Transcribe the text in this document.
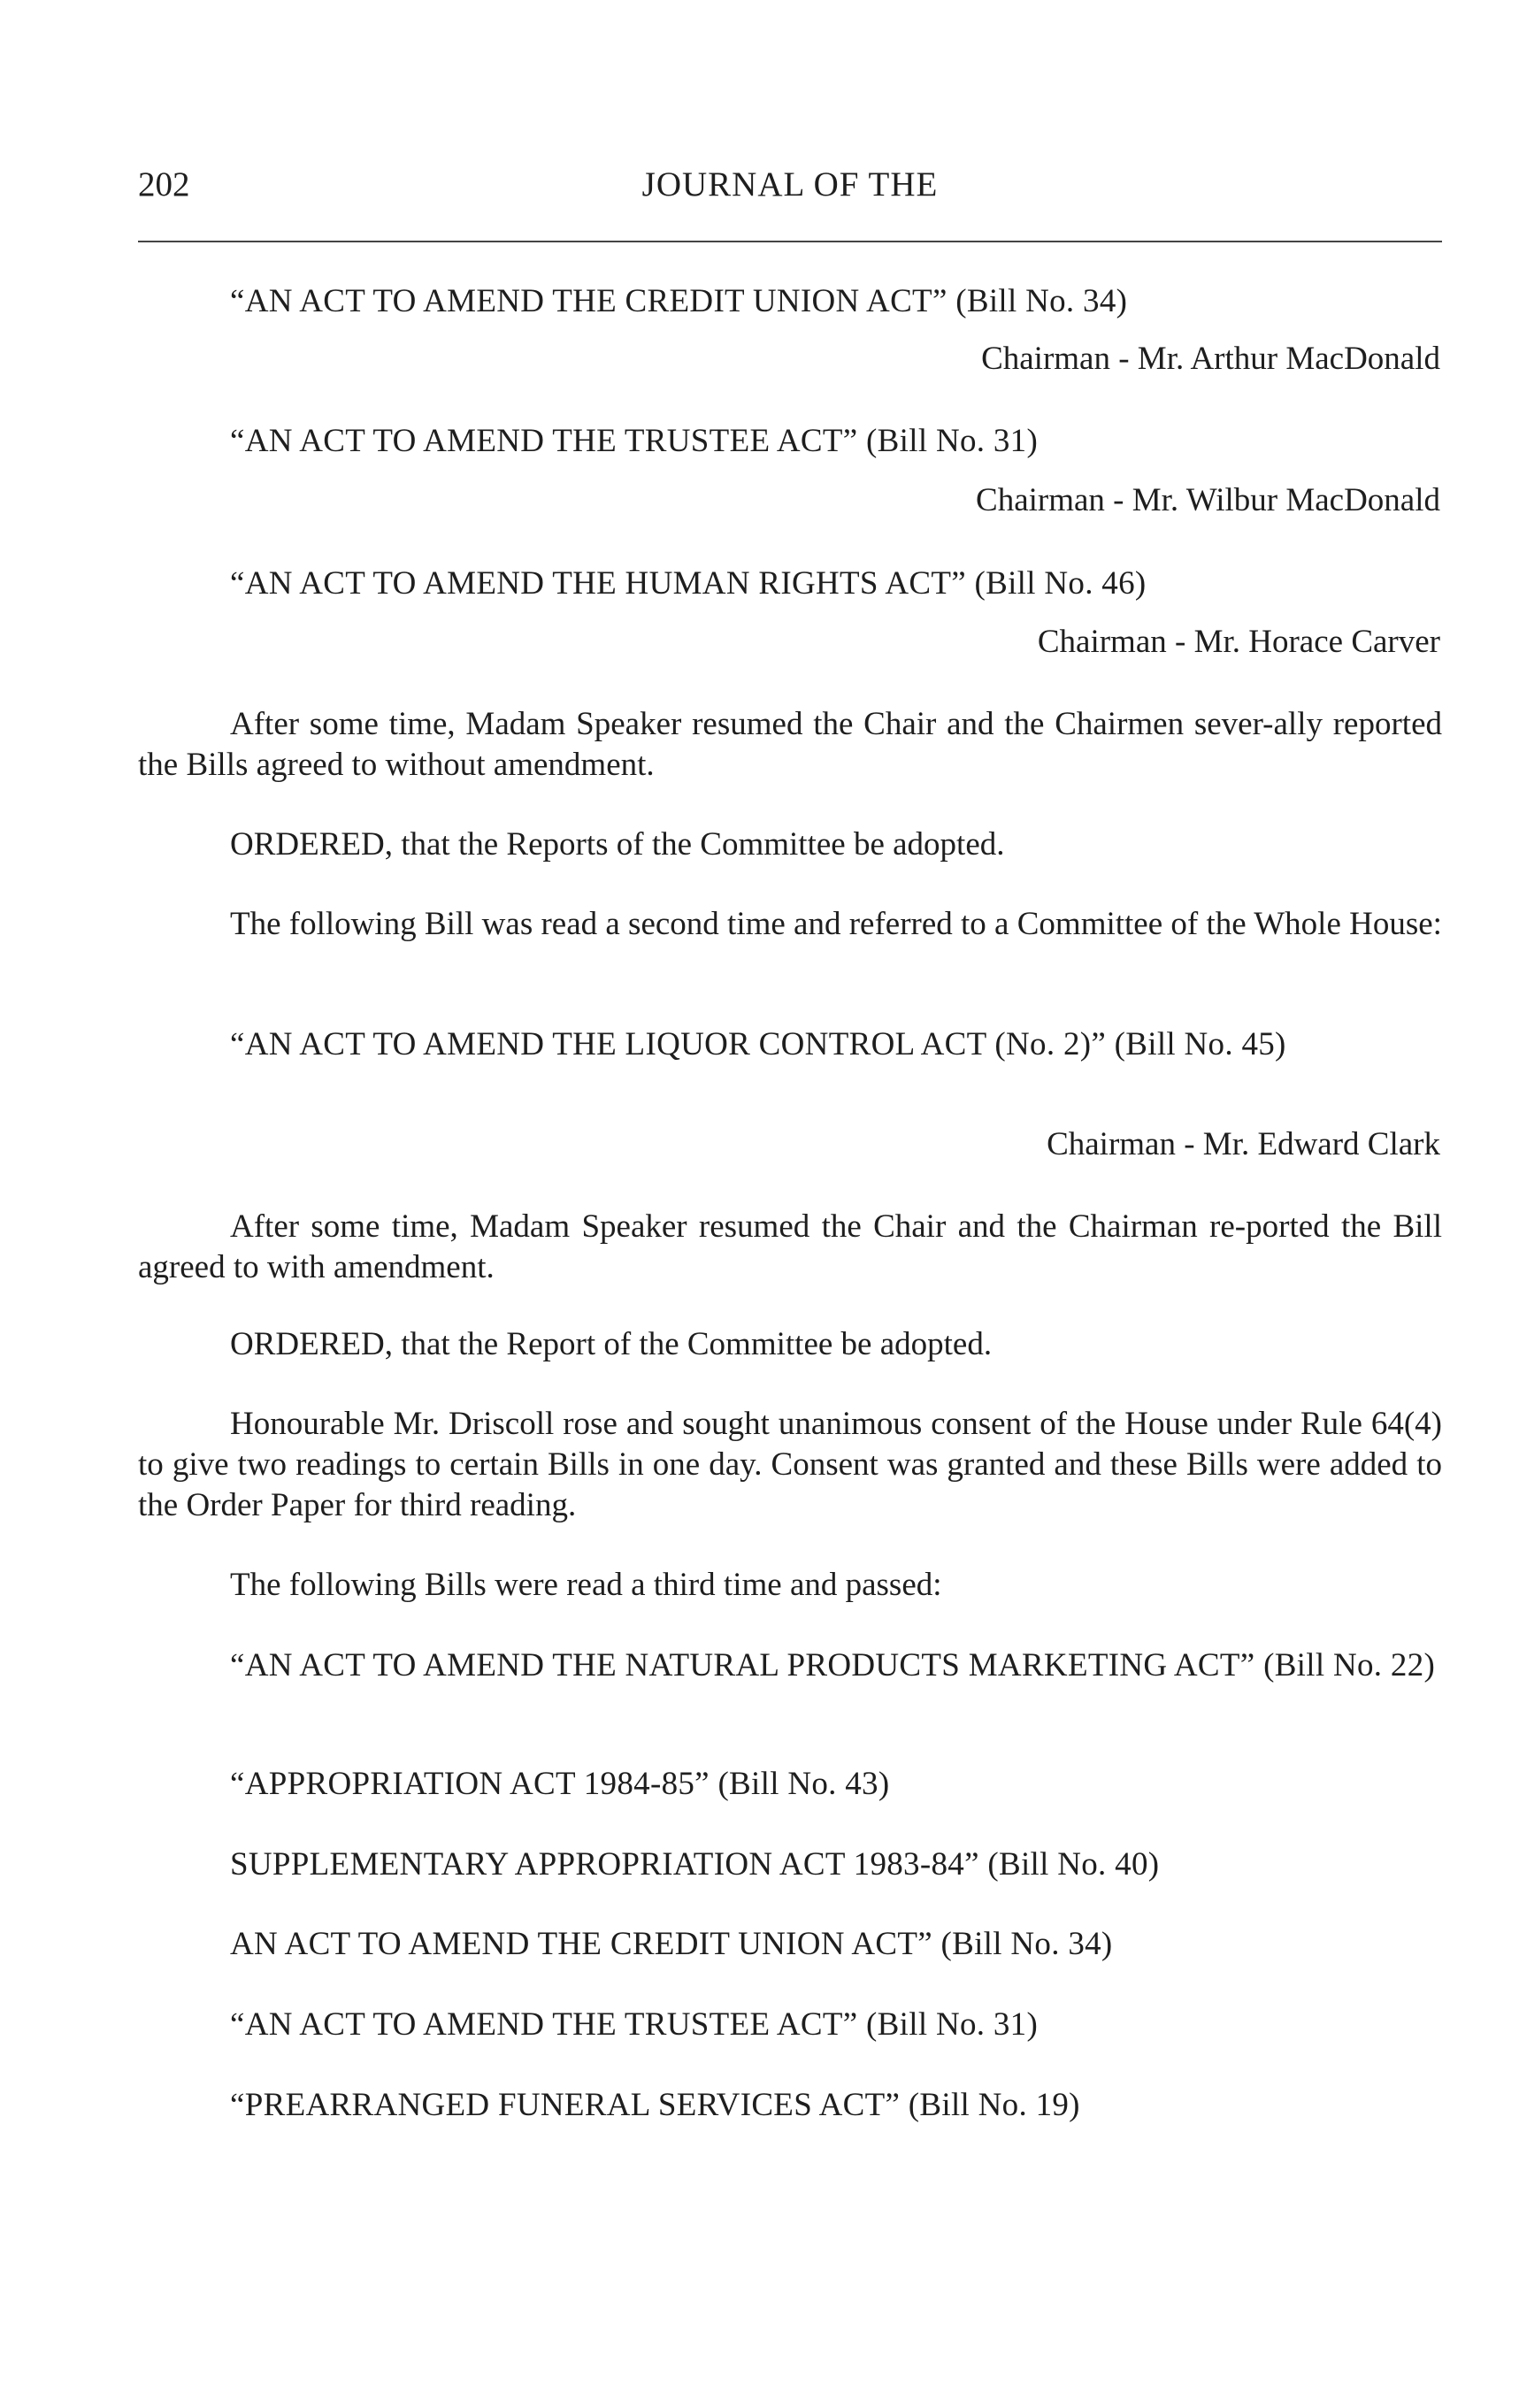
202	JOURNAL OF THE
“AN ACT TO AMEND THE CREDIT UNION ACT” (Bill No. 34)
Chairman - Mr. Arthur MacDonald
“AN ACT TO AMEND THE TRUSTEE ACT” (Bill No. 31)
Chairman - Mr. Wilbur MacDonald
“AN ACT TO AMEND THE HUMAN RIGHTS ACT” (Bill No. 46)
Chairman - Mr. Horace Carver
After some time, Madam Speaker resumed the Chair and the Chairmen sever-ally reported the Bills agreed to without amendment.
ORDERED, that the Reports of the Committee be adopted.
The following Bill was read a second time and referred to a Committee of the Whole House:
“AN ACT TO AMEND THE LIQUOR CONTROL ACT (No. 2)” (Bill No. 45)
Chairman - Mr. Edward Clark
After some time, Madam Speaker resumed the Chair and the Chairman re-ported the Bill agreed to with amendment.
ORDERED, that the Report of the Committee be adopted.
Honourable Mr. Driscoll rose and sought unanimous consent of the House under Rule 64(4) to give two readings to certain Bills in one day. Consent was granted and these Bills were added to the Order Paper for third reading.
The following Bills were read a third time and passed:
“AN ACT TO AMEND THE NATURAL PRODUCTS MARKETING ACT” (Bill No. 22)
“APPROPRIATION ACT 1984-85” (Bill No. 43)
SUPPLEMENTARY APPROPRIATION ACT 1983-84” (Bill No. 40)
AN ACT TO AMEND THE CREDIT UNION ACT” (Bill No. 34)
“AN ACT TO AMEND THE TRUSTEE ACT” (Bill No. 31)
“PREARRANGED FUNERAL SERVICES ACT” (Bill No. 19)
